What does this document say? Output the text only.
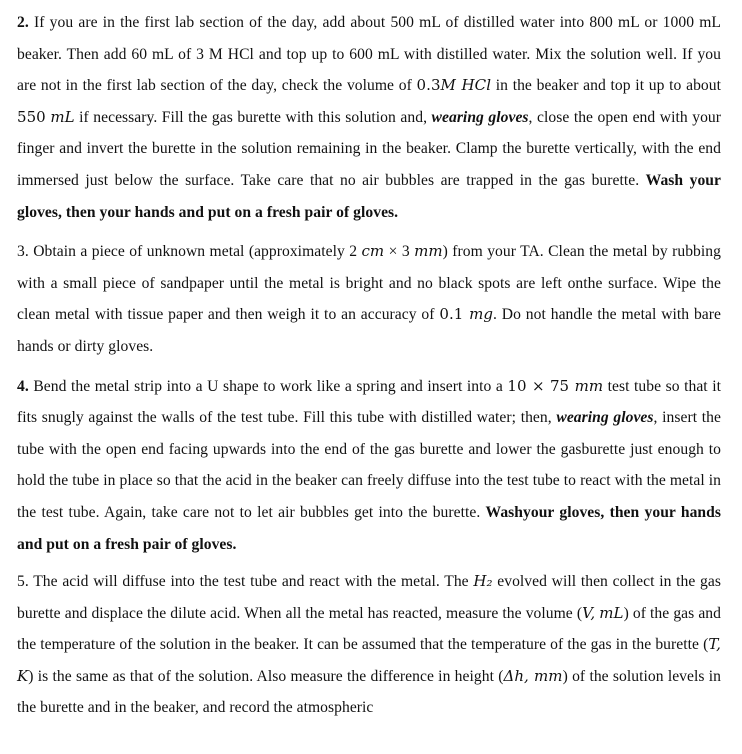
2. If you are in the first lab section of the day, add about 500 mL of distilled water into 800 mL or 1000 mL beaker. Then add 60 mL of 3 M HCl and top up to 600 mL with distilled water. Mix the solution well. If you are not in the first lab section of the day, check the volume of 0.3M HCl in the beaker and top it up to about 550 mL if necessary. Fill the gas burette with this solution and, wearing gloves, close the open end with your finger and invert the burette in the solution remaining in the beaker. Clamp the burette vertically, with the end immersed just below the surface. Take care that no air bubbles are trapped in the gas burette. Wash your gloves, then your hands and put on a fresh pair of gloves.

3. Obtain a piece of unknown metal (approximately 2 cm × 3 mm) from your TA. Clean the metal by rubbing with a small piece of sandpaper until the metal is bright and no black spots are left onthe surface. Wipe the clean metal with tissue paper and then weigh it to an accuracy of 0.1 mg. Do not handle the metal with bare hands or dirty gloves.

4. Bend the metal strip into a U shape to work like a spring and insert into a 10 × 75 mm test tube so that it fits snugly against the walls of the test tube. Fill this tube with distilled water; then, wearing gloves, insert the tube with the open end facing upwards into the end of the gas burette and lower the gasburette just enough to hold the tube in place so that the acid in the beaker can freely diffuse into the test tube to react with the metal in the test tube. Again, take care not to let air bubbles get into the burette. Washyour gloves, then your hands and put on a fresh pair of gloves.

5. The acid will diffuse into the test tube and react with the metal. The H₂ evolved will then collect in the gas burette and displace the dilute acid. When all the metal has reacted, measure the volume (V, mL) of the gas and the temperature of the solution in the beaker. It can be assumed that the temperature of the gas in the burette (T, K) is the same as that of the solution. Also measure the difference in height (Δh, mm) of the solution levels in the burette and in the beaker, and record the atmospheric
